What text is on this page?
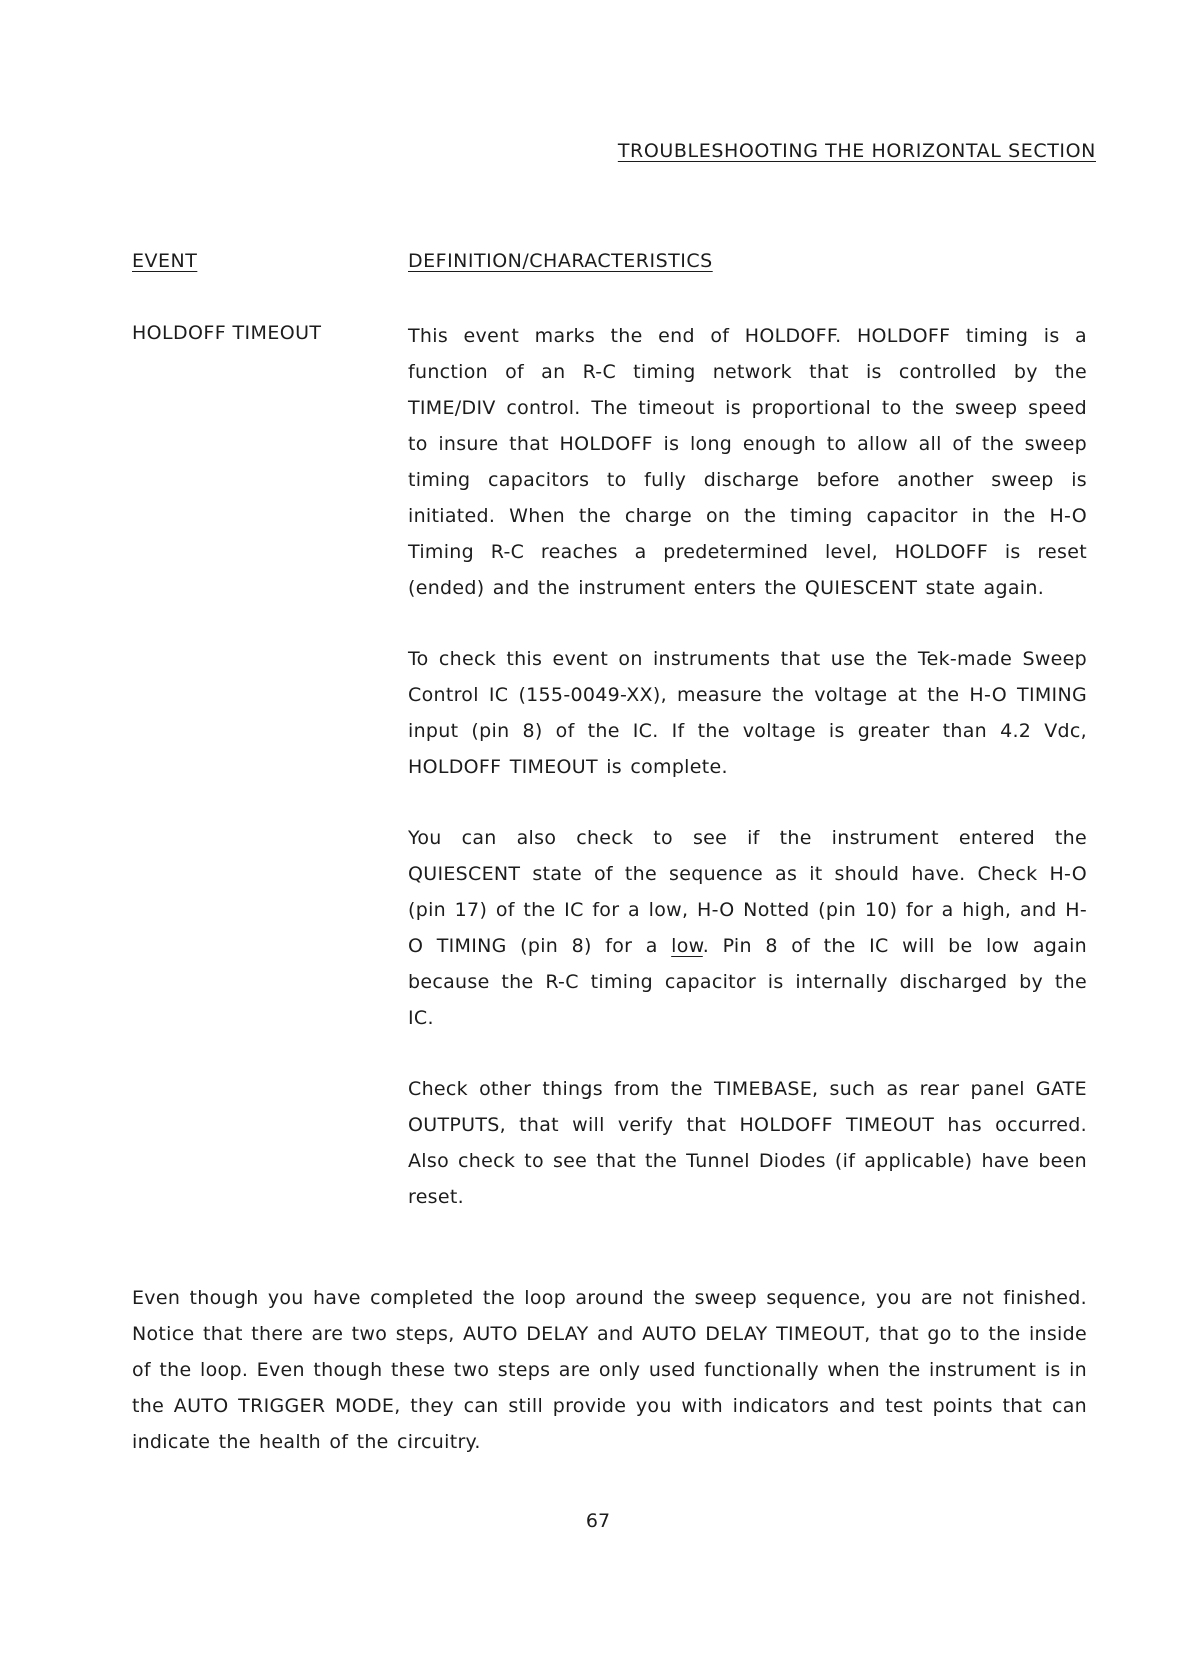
TROUBLESHOOTING THE HORIZONTAL SECTION
EVENT	DEFINITION/CHARACTERISTICS
HOLDOFF TIMEOUT	This event marks the end of HOLDOFF. HOLDOFF timing is a function of an R-C timing network that is controlled by the TIME/DIV control. The timeout is proportional to the sweep speed to insure that HOLDOFF is long enough to allow all of the sweep timing capacitors to fully discharge before another sweep is initiated. When the charge on the timing capacitor in the H-O Timing R-C reaches a predetermined level, HOLDOFF is reset (ended) and the instrument enters the QUIESCENT state again.

To check this event on instruments that use the Tek-made Sweep Control IC (155-0049-XX), measure the voltage at the H-O TIMING input (pin 8) of the IC. If the voltage is greater than 4.2 Vdc, HOLDOFF TIMEOUT is complete.

You can also check to see if the instrument entered the QUIESCENT state of the sequence as it should have. Check H-O (pin 17) of the IC for a low, H-O Notted (pin 10) for a high, and H-O TIMING (pin 8) for a low. Pin 8 of the IC will be low again because the R-C timing capacitor is internally discharged by the IC.

Check other things from the TIMEBASE, such as rear panel GATE OUTPUTS, that will verify that HOLDOFF TIMEOUT has occurred. Also check to see that the Tunnel Diodes (if applicable) have been reset.

Even though you have completed the loop around the sweep sequence, you are not finished. Notice that there are two steps, AUTO DELAY and AUTO DELAY TIMEOUT, that go to the inside of the loop. Even though these two steps are only used functionally when the instrument is in the AUTO TRIGGER MODE, they can still provide you with indicators and test points that can indicate the health of the circuitry.

67
